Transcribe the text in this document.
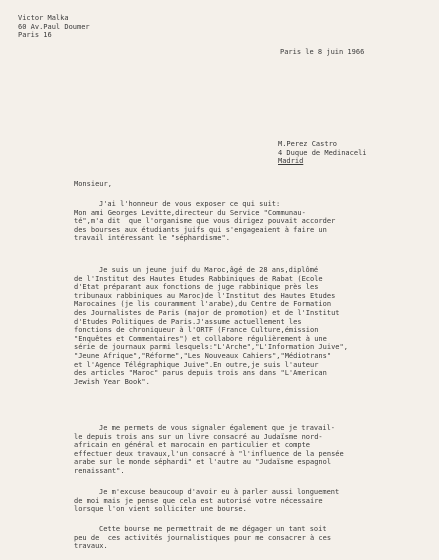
Victor Malka
60 Av.Paul Doumer
Paris 16
Paris le 8 juin 1966
M.Perez Castro
4 Duque de Medinaceli
Madrid
Monsieur,
J'ai l'honneur de vous exposer ce qui suit:
Mon ami Georges Levitte,directeur du Service "Communau-
té",m'a dit  que l'organisme que vous dirigez pouvait accorder
des bourses aux étudiants juifs qui s'engageaient à faire un
travail intéressant le "séphardisme".
Je suis un jeune juif du Maroc,âgé de 28 ans,diplômé
de l'Institut des Hautes Etudes Rabbiniques de Rabat (Ecole
d'Etat préparant aux fonctions de juge rabbinique près les
tribunaux rabbiniques au Maroc)de l'Institut des Hautes Etudes
Marocaines (je lis couramment l'arabe),du Centre de Formation
des Journalistes de Paris (major de promotion) et de l'Institut
d'Etudes Politiques de Paris.J'assume actuellement les
fonctions de chroniqueur à l'ORTF (France Culture,émission
"Enquêtes et Commentaires") et collabore régulièrement à une
série de journaux parmi lesquels:"L'Arche","L'Information Juive",
"Jeune Afrique","Réforme","Les Nouveaux Cahiers","Médiotrans"
et l'Agence Télégraphique Juive".En outre,je suis l'auteur
des articles "Maroc" parus depuis trois ans dans "L'American
Jewish Year Book".
Je me permets de vous signaler également que je travail-
le depuis trois ans sur un livre consacré au Judaïsme nord-
africain en général et marocain en particulier et compte
effectuer deux travaux,l'un consacré à "l'influence de la pensée
arabe sur le monde séphardi" et l'autre au "Judaïsme espagnol
renaissant".
Je m'excuse beaucoup d'avoir eu à parler aussi longuement
de moi mais je pense que cela est autorisé votre nécessaire
lorsque l'on vient solliciter une bourse.
Cette bourse me permettrait de me dégager un tant soit
peu de  ces activités journalistiques pour me consacrer à ces
travaux.
